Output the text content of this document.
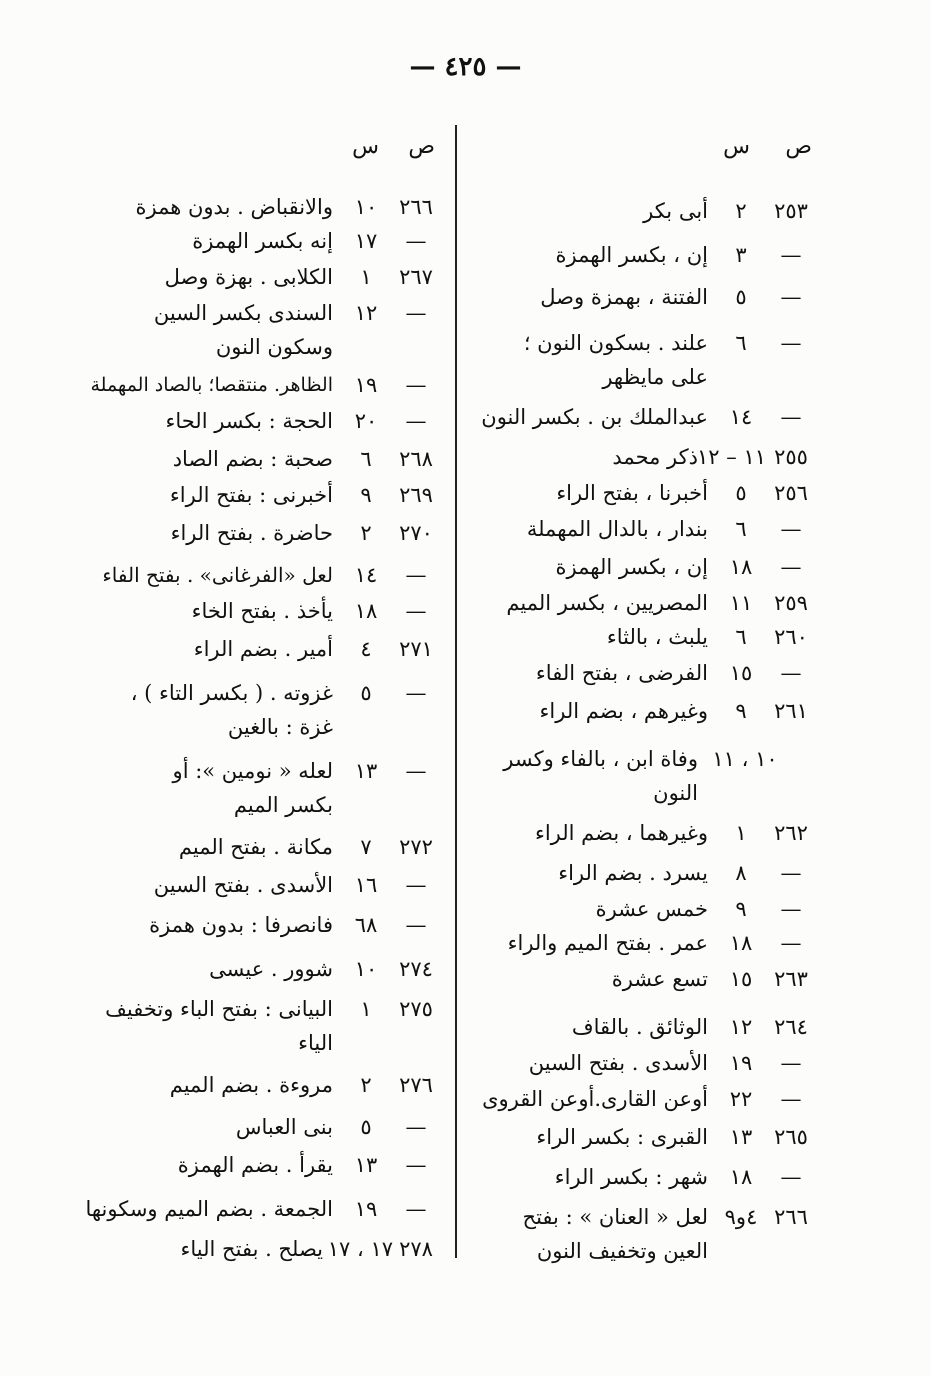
— ٤٢٥ —
ص
س
٢٥٣
٢
أبى بكر
—
٣
إن ، بكسر الهمزة
—
٥
الفتنة ، بهمزة وصل
—
٦
علند . بسكون النون ؛ على مايظهر
—
١٤
عبدالملك بن . بكسر النون
٢٥٥
١١ – ١٢
ذكر محمد
٢٥٦
٥
أخبرنا ، بفتح الراء
—
٦
بندار ، بالدال المهملة
—
١٨
إن ، بكسر الهمزة
٢٥٩
١١
المصريين ، بكسر الميم
٢٦٠
٦
يلبث ، بالثاء
—
١٥
الفرضى ، بفتح الفاء
٢٦١
٩
وغيرهم ، بضم الراء
١٠ ، ١١
وفاة ابن ، بالفاء وكسر النون
٢٦٢
١
وغيرهما ، بضم الراء
—
٨
يسرد . بضم الراء
—
٩
خمس عشرة
—
١٨
عمر . بفتح الميم والراء
٢٦٣
١٥
تسع عشرة
٢٦٤
١٢
الوثائق . بالقاف
—
١٩
الأسدى . بفتح السين
—
٢٢
أوعن القارى.أوعن القروى
٢٦٥
١٣
القبرى : بكسر الراء
—
١٨
شهر : بكسر الراء
٢٦٦
٤و٩
لعل « العنان » : بفتح العين وتخفيف النون
ص
س
٢٦٦
١٠
والانقباض . بدون همزة
—
١٧
إنه بكسر الهمزة
٢٦٧
١
الكلابى . بهزة وصل
—
١٢
السندى بكسر السين وسكون النون
—
١٩
الظاهر. منتقصا؛ بالصاد المهملة
—
٢٠
الحجة : بكسر الحاء
٢٦٨
٦
صحبة : بضم الصاد
٢٦٩
٩
أخبرنى : بفتح الراء
٢٧٠
٢
حاضرة . بفتح الراء
—
١٤
لعل «الفرغانى» . بفتح الفاء
—
١٨
يأخذ . بفتح الخاء
٢٧١
٤
أمير . بضم الراء
—
٥
غزوته . ( بكسر التاء ) ، غزة : بالغين
—
١٣
لعله « نومين »: أو بكسر الميم
٢٧٢
٧
مكانة . بفتح الميم
—
١٦
الأسدى . بفتح السين
—
٦٨
فانصرفا : بدون همزة
٢٧٤
١٠
شوور . عيسى
٢٧٥
١
البيانى : بفتح الباء وتخفيف الياء
٢٧٦
٢
مروءة . بضم الميم
—
٥
بنى العباس
—
١٣
يقرأ . بضم الهمزة
—
١٩
الجمعة . بضم الميم وسكونها
٢٧٨
١٧ ، ١٧
يصلح . بفتح الياء
